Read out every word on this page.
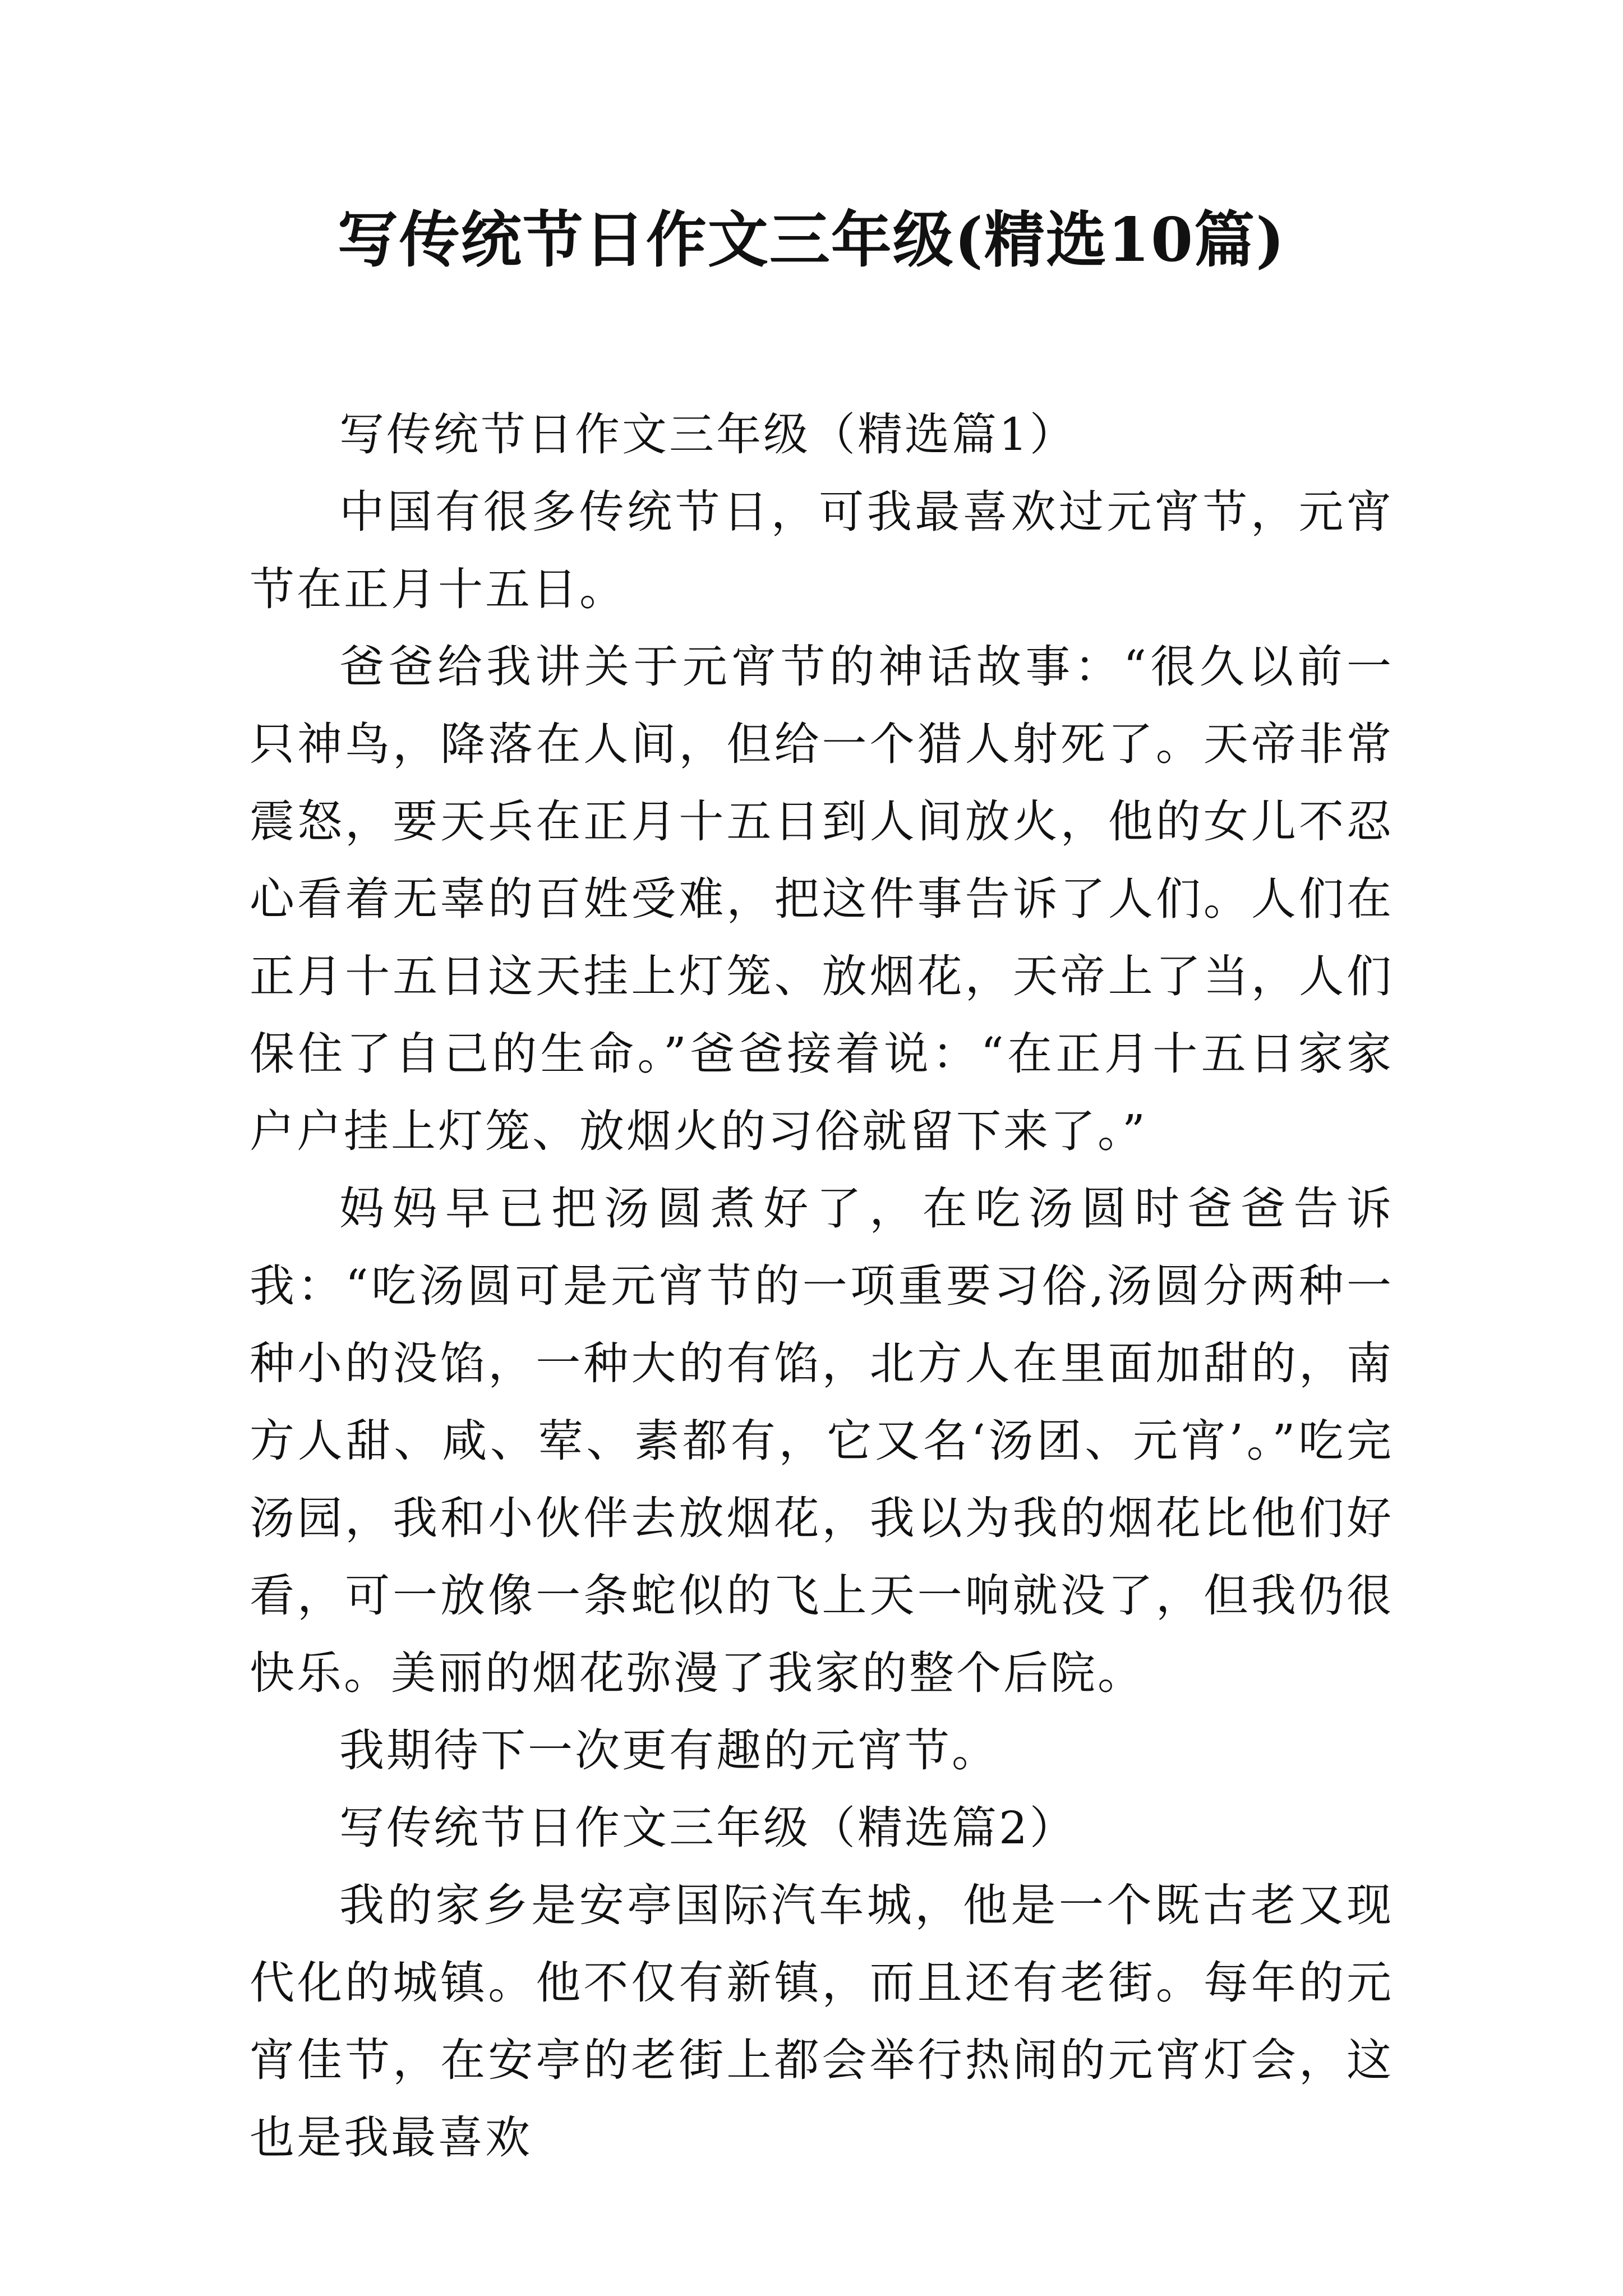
写传统节日作文三年级(精选10篇)

写传统节日作文三年级（精选篇1）

中国有很多传统节日，可我最喜欢过元宵节，元宵节在正月十五日。

爸爸给我讲关于元宵节的神话故事：“很久以前一只神鸟，降落在人间，但给一个猎人射死了。天帝非常震怒，要天兵在正月十五日到人间放火，他的女儿不忍心看着无辜的百姓受难，把这件事告诉了人们。人们在正月十五日这天挂上灯笼、放烟花，天帝上了当，人们保住了自己的生命。”爸爸接着说：“在正月十五日家家户户挂上灯笼、放烟火的习俗就留下来了。”

妈妈早已把汤圆煮好了，在吃汤圆时爸爸告诉我：“吃汤圆可是元宵节的一项重要习俗,汤圆分两种一种小的没馅，一种大的有馅，北方人在里面加甜的，南方人甜、咸、荤、素都有，它又名‘汤团、元宵’。”吃完汤园，我和小伙伴去放烟花，我以为我的烟花比他们好看，可一放像一条蛇似的飞上天一响就没了，但我仍很快乐。美丽的烟花弥漫了我家的整个后院。

我期待下一次更有趣的元宵节。

写传统节日作文三年级（精选篇2）

我的家乡是安亭国际汽车城，他是一个既古老又现代化的城镇。他不仅有新镇，而且还有老街。每年的元宵佳节，在安亭的老街上都会举行热闹的元宵灯会，这也是我最喜欢
